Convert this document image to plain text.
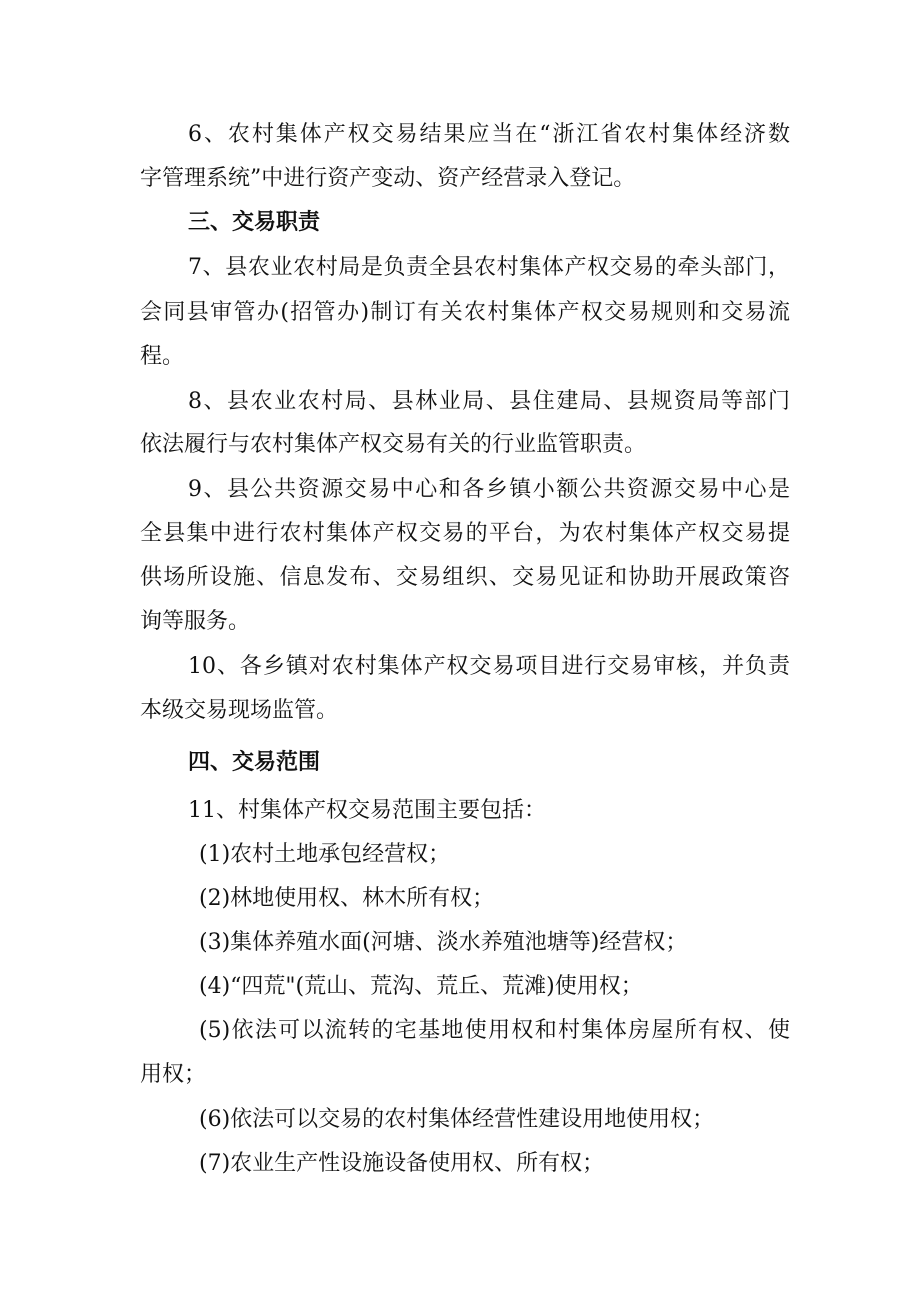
6、农村集体产权交易结果应当在“浙江省农村集体经济数
字管理系统”中进行资产变动、资产经营录入登记。
三、交易职责
7、县农业农村局是负责全县农村集体产权交易的牵头部门，
会同县审管办(招管办)制订有关农村集体产权交易规则和交易流
程。
8、县农业农村局、县林业局、县住建局、县规资局等部门
依法履行与农村集体产权交易有关的行业监管职责。
9、县公共资源交易中心和各乡镇小额公共资源交易中心是
全县集中进行农村集体产权交易的平台，为农村集体产权交易提
供场所设施、信息发布、交易组织、交易见证和协助开展政策咨
询等服务。
10、各乡镇对农村集体产权交易项目进行交易审核，并负责
本级交易现场监管。
四、交易范围
11、村集体产权交易范围主要包括：
(1)农村土地承包经营权；
(2)林地使用权、林木所有权；
(3)集体养殖水面(河塘、淡水养殖池塘等)经营权；
(4)“四荒"(荒山、荒沟、荒丘、荒滩)使用权；
(5)依法可以流转的宅基地使用权和村集体房屋所有权、使
用权；
(6)依法可以交易的农村集体经营性建设用地使用权；
(7)农业生产性设施设备使用权、所有权；
